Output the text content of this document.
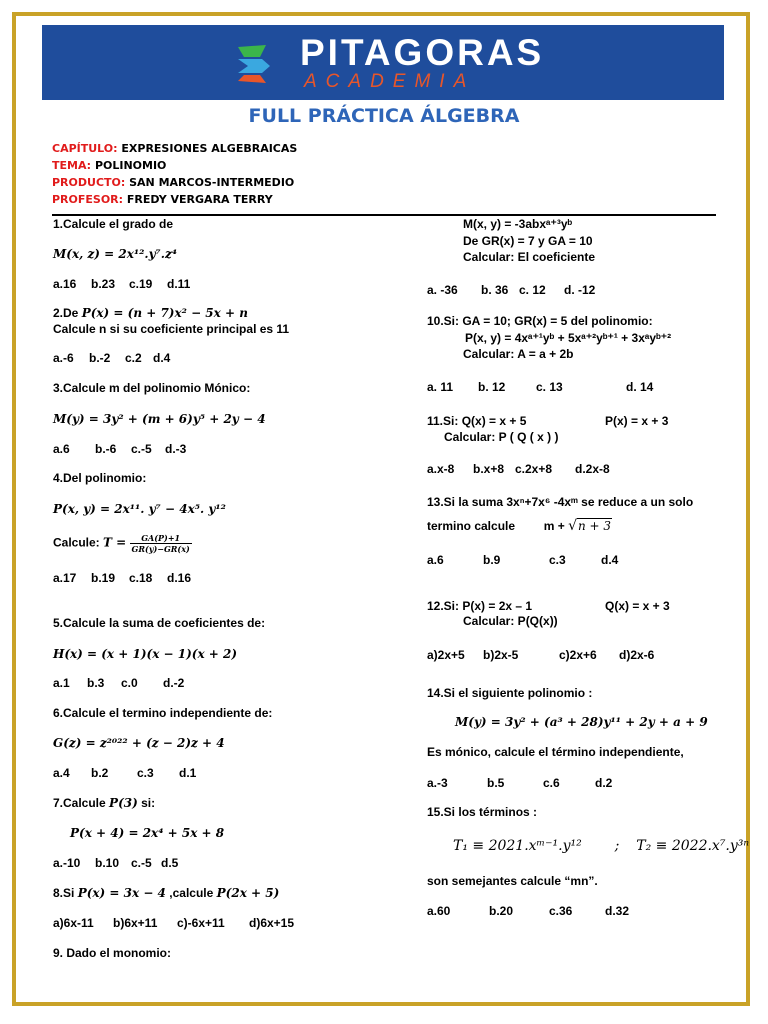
PITAGORAS
ACADEMIA
FULL PRÁCTICA ÁLGEBRA
CAPÍTULO: EXPRESIONES ALGEBRAICAS
TEMA: POLINOMIO
PRODUCTO: SAN MARCOS-INTERMEDIO
PROFESOR: FREDY VERGARA TERRY
1.Calcule el grado de
M(x, z) = 2x¹².y⁷.z⁴
a.16 b.23 c.19 d.11
2.De P(x) = (n + 7)x² − 5x + n
Calcule n si su coeficiente principal es 11
a.-6 b.-2 c.2 d.4
3.Calcule m del polinomio Mónico:
M(y) = 3y² + (m + 6)y⁵ + 2y − 4
a.6 b.-6 c.-5 d.-3
4.Del polinomio:
P(x, y) = 2x¹¹. y⁷ − 4x⁵. y¹²
Calcule: $T = \frac{GA(P)+1}{GR(y)-GR(x)}$
a.17 b.19 c.18 d.16
5.Calcule la suma de coeficientes de:
H(x) = (x + 1)(x − 1)(x + 2)
a.1 b.3 c.0 d.-2
6.Calcule el termino independiente de:
G(z) = z²⁰²² + (z − 2)z + 4
a.4 b.2 c.3 d.1
7.Calcule P(3) si:
P(x + 4) = 2x⁴ + 5x + 8
a.-10 b.10 c.-5 d.5
8.Si P(x) = 3x − 4 ,calcule P(2x + 5)
a)6x-11 b)6x+11 c)-6x+11 d)6x+15
9. Dado el monomio:
M(x, y) = -3abxᵃ⁺³yᵇ
De GR(x) = 7 y GA = 10
Calcular: El coeficiente
a. -36 b. 36 c. 12 d. -12
10.Si: GA = 10; GR(x) = 5 del polinomio:
P(x, y) = 4xᵃ⁺¹yᵇ + 5xᵃ⁺²yᵇ⁺¹ + 3xᵃyᵇ⁺²
Calcular: A = a + 2b
a. 11 b. 12	c. 13	d. 14
11.Si: Q(x) = x + 5	P(x) = x + 3
Calcular: P ( Q ( x ) )
a.x-8 b.x+8 c.2x+8 d.2x-8
13.Si la suma 3xⁿ+7x⁶ -4xᵐ se reduce a un solo
termino calcule m + √n + 3
a.6	b.9	c.3	d.4
12.Si: P(x) = 2x – 1	Q(x) = x + 3
Calcular: P(Q(x))
a)2x+5 b)2x-5	c)2x+6 d)2x-6
14.Si el siguiente polinomio :
M(y) = 3y² + (a³ + 28)y¹¹ + 2y + a + 9
Es mónico, calcule el término independiente,
a.-3	b.5	c.6	d.2
15.Si los términos :
T₁ ≡ 2021.xᵐ⁻¹.y¹² ; T₂ ≡ 2022.x⁷.y³ⁿ
son semejantes calcule “mn”.
a.60	b.20	c.36	d.32
